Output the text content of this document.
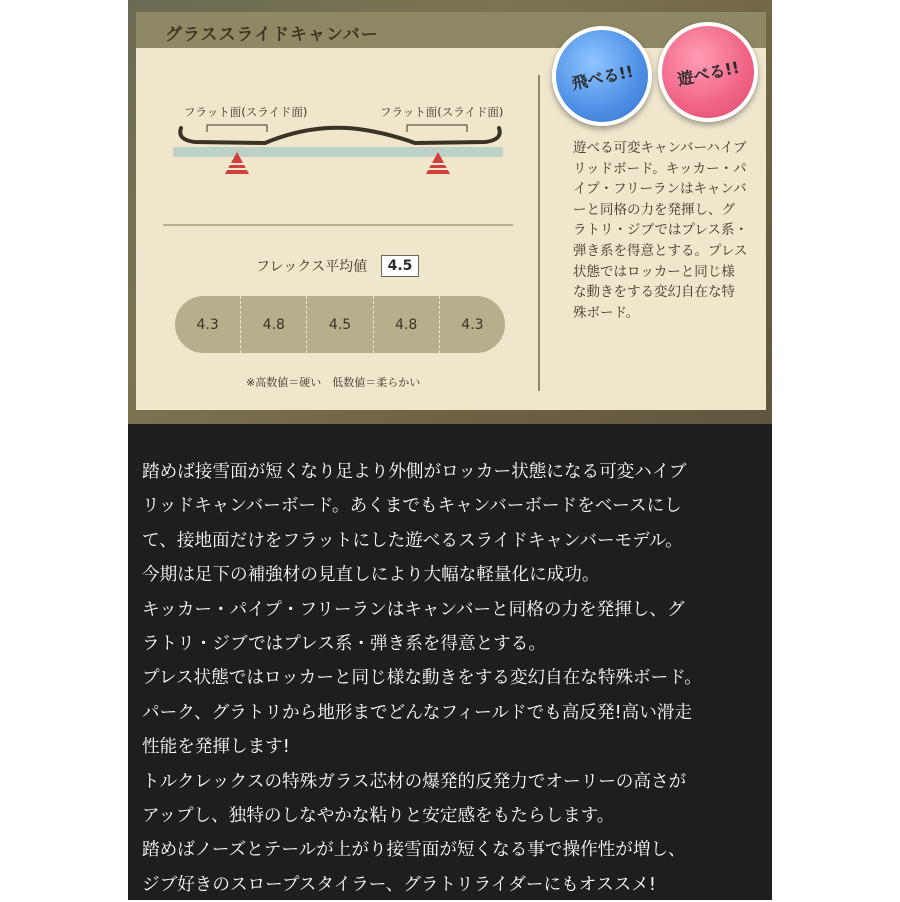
グラススライドキャンバー
飛べる!!	遊べる!!
フラット面(スライド面)	フラット面(スライド面)
遊べる可変キャンバーハイブリッドボード。キッカー・パイプ・フリーランはキャンバーと同格の力を発揮し、グラトリ・ジブではプレス系・弾き系を得意とする。プレス状態ではロッカーと同じ様な動きをする変幻自在な特殊ボード。
フレックス平均値	4.5
4.3	4.8	4.5	4.8	4.3
※高数値＝硬い　低数値＝柔らかい

踏めば接雪面が短くなり足より外側がロッカー状態になる可変ハイブ

リッドキャンバーボード。あくまでもキャンバーボードをベースにし

て、接地面だけをフラットにした遊べるスライドキャンバーモデル。

今期は足下の補強材の見直しにより大幅な軽量化に成功。

キッカー・パイプ・フリーランはキャンバーと同格の力を発揮し、グ

ラトリ・ジブではプレス系・弾き系を得意とする。

プレス状態ではロッカーと同じ様な動きをする変幻自在な特殊ボード。

パーク、グラトリから地形までどんなフィールドでも高反発!高い滑走

性能を発揮します!

トルクレックスの特殊ガラス芯材の爆発的反発力でオーリーの高さが

アップし、独特のしなやかな粘りと安定感をもたらします。

踏めばノーズとテールが上がり接雪面が短くなる事で操作性が増し、

ジブ好きのスロープスタイラー、グラトリライダーにもオススメ!
